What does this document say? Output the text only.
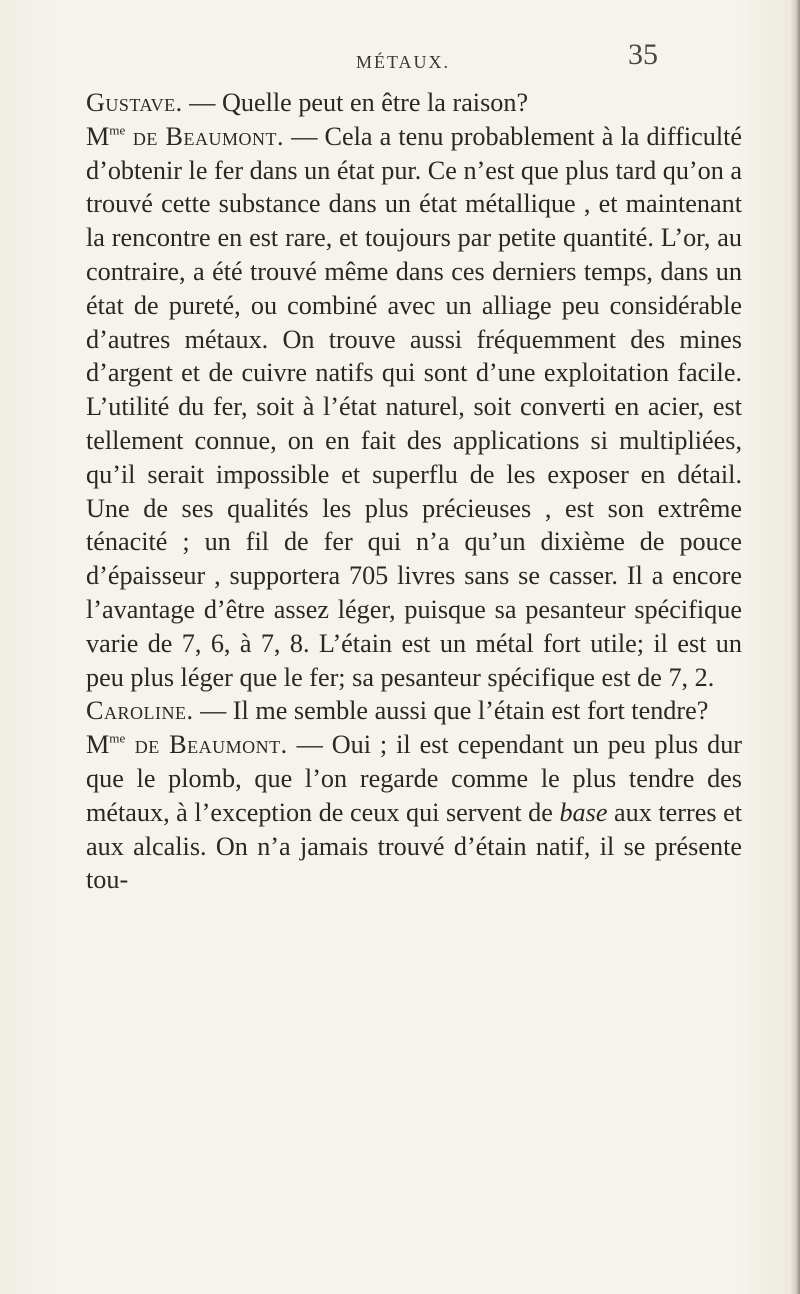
MÉTAUX.	35

Gustave. — Quelle peut en être la raison?

$M^{me}$ de Beaumont. — Cela a tenu probablement à la difficulté d’obtenir le fer dans un état pur. Ce n’est que plus tard qu’on a trouvé cette substance dans un état métallique , et maintenant la rencontre en est rare, et toujours par petite quantité. L’or, au contraire, a été trouvé même dans ces derniers temps, dans un état de pureté, ou combiné avec un alliage peu considérable d’autres métaux. On trouve aussi fréquemment des mines d’argent et de cuivre natifs qui sont d’une exploitation facile. L’utilité du fer, soit à l’état naturel, soit converti en acier, est tellement connue, on en fait des applications si multipliées, qu’il serait impossible et superflu de les exposer en détail. Une de ses qualités les plus précieuses , est son extrême ténacité ; un fil de fer qui n’a qu’un dixième de pouce d’épaisseur , supportera 705 livres sans se casser. Il a encore l’avantage d’être assez léger, puisque sa pesanteur spécifique varie de 7, 6, à 7, 8. L’étain est un métal fort utile; il est un peu plus léger que le fer; sa pesanteur spécifique est de 7, 2.

Caroline. — Il me semble aussi que l’étain est fort tendre?

$M^{me}$ de Beaumont. — Oui ; il est cependant un peu plus dur que le plomb, que l’on regarde comme le plus tendre des métaux, à l’exception de ceux qui servent de base aux terres et aux alcalis. On n’a jamais trouvé d’étain natif, il se présente tou-
